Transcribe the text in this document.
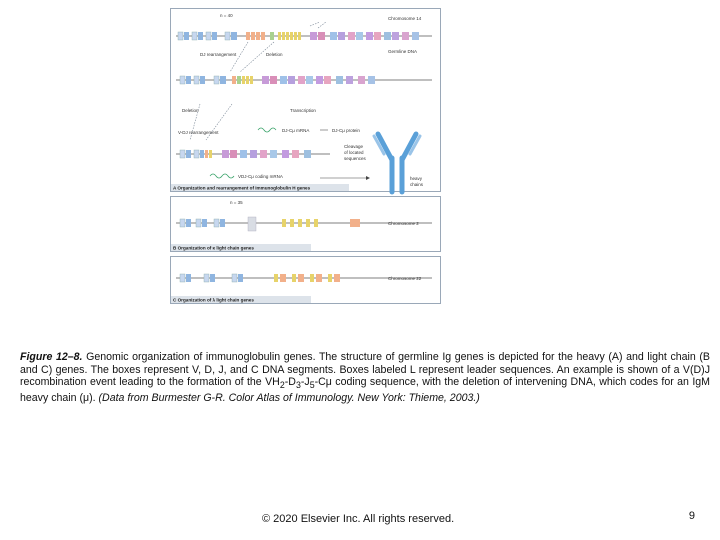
n = 40
Chromosome 14
Germline DNA
DJ rearrangement	Deletion
Deletion	Transcription
V-DJ rearrangement	DJ-Cμ mRNA	DJ-Cμ protein
VDJ-Cμ coding mRNA
Cleavage
of located
sequences
heavy
chains
A Organization and rearrangement of immunoglobulin H genes
n = 35
Chromosome 2
B Organization of κ light chain genes
Chromosome 22
C Organization of λ light chain genes
Figure 12–8. Genomic organization of immunoglobulin genes. The structure of germline Ig genes is depicted for the heavy (A) and light chain (B and C) genes. The boxes represent V, D, J, and C DNA segments. Boxes labeled L represent leader sequences. An example is shown of a V(D)J recombination event leading to the formation of the $VH_2-D_3-J_5-C\mu$ coding sequence, with the deletion of intervening DNA, which codes for an IgM heavy chain (μ). (Data from Burmester G-R. Color Atlas of Immunology. New York: Thieme, 2003.)
© 2020 Elsevier Inc. All rights reserved.	9
